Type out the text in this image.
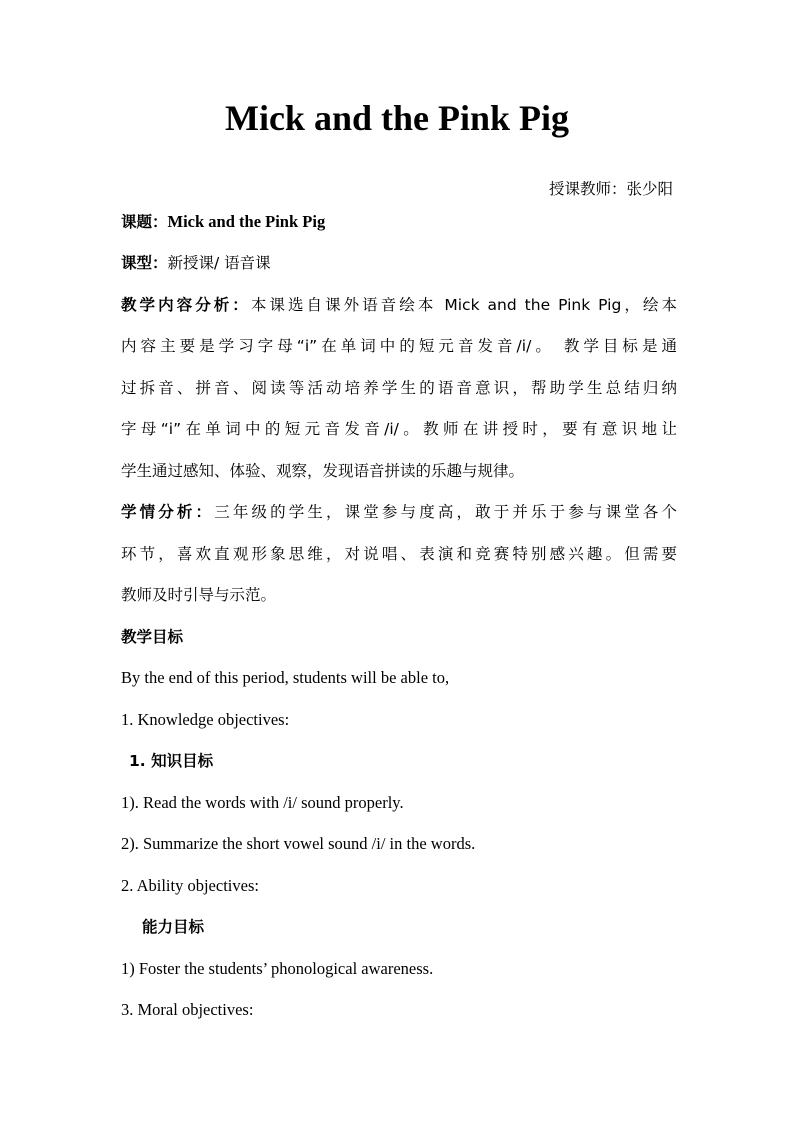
Mick and the Pink Pig
授课教师：张少阳
课题：Mick and the Pink Pig
课型：新授课/ 语音课
教学内容分析：本课选自课外语音绘本 Mick and the Pink Pig，绘本
内容主要是学习字母“i”在单词中的短元音发音/i/。 教学目标是通
过拆音、拼音、阅读等活动培养学生的语音意识，帮助学生总结归纳
字母“i”在单词中的短元音发音/i/。教师在讲授时，要有意识地让
学生通过感知、体验、观察，发现语音拼读的乐趣与规律。
学情分析：三年级的学生，课堂参与度高，敢于并乐于参与课堂各个
环节，喜欢直观形象思维，对说唱、表演和竞赛特别感兴趣。但需要
教师及时引导与示范。
教学目标
By the end of this period, students will be able to,
1. Knowledge objectives:
1. 知识目标
1). Read the words with /i/ sound properly.
2). Summarize the short vowel sound /i/ in the words.
2. Ability objectives:
能力目标
1) Foster the students’ phonological awareness.
3. Moral objectives:
